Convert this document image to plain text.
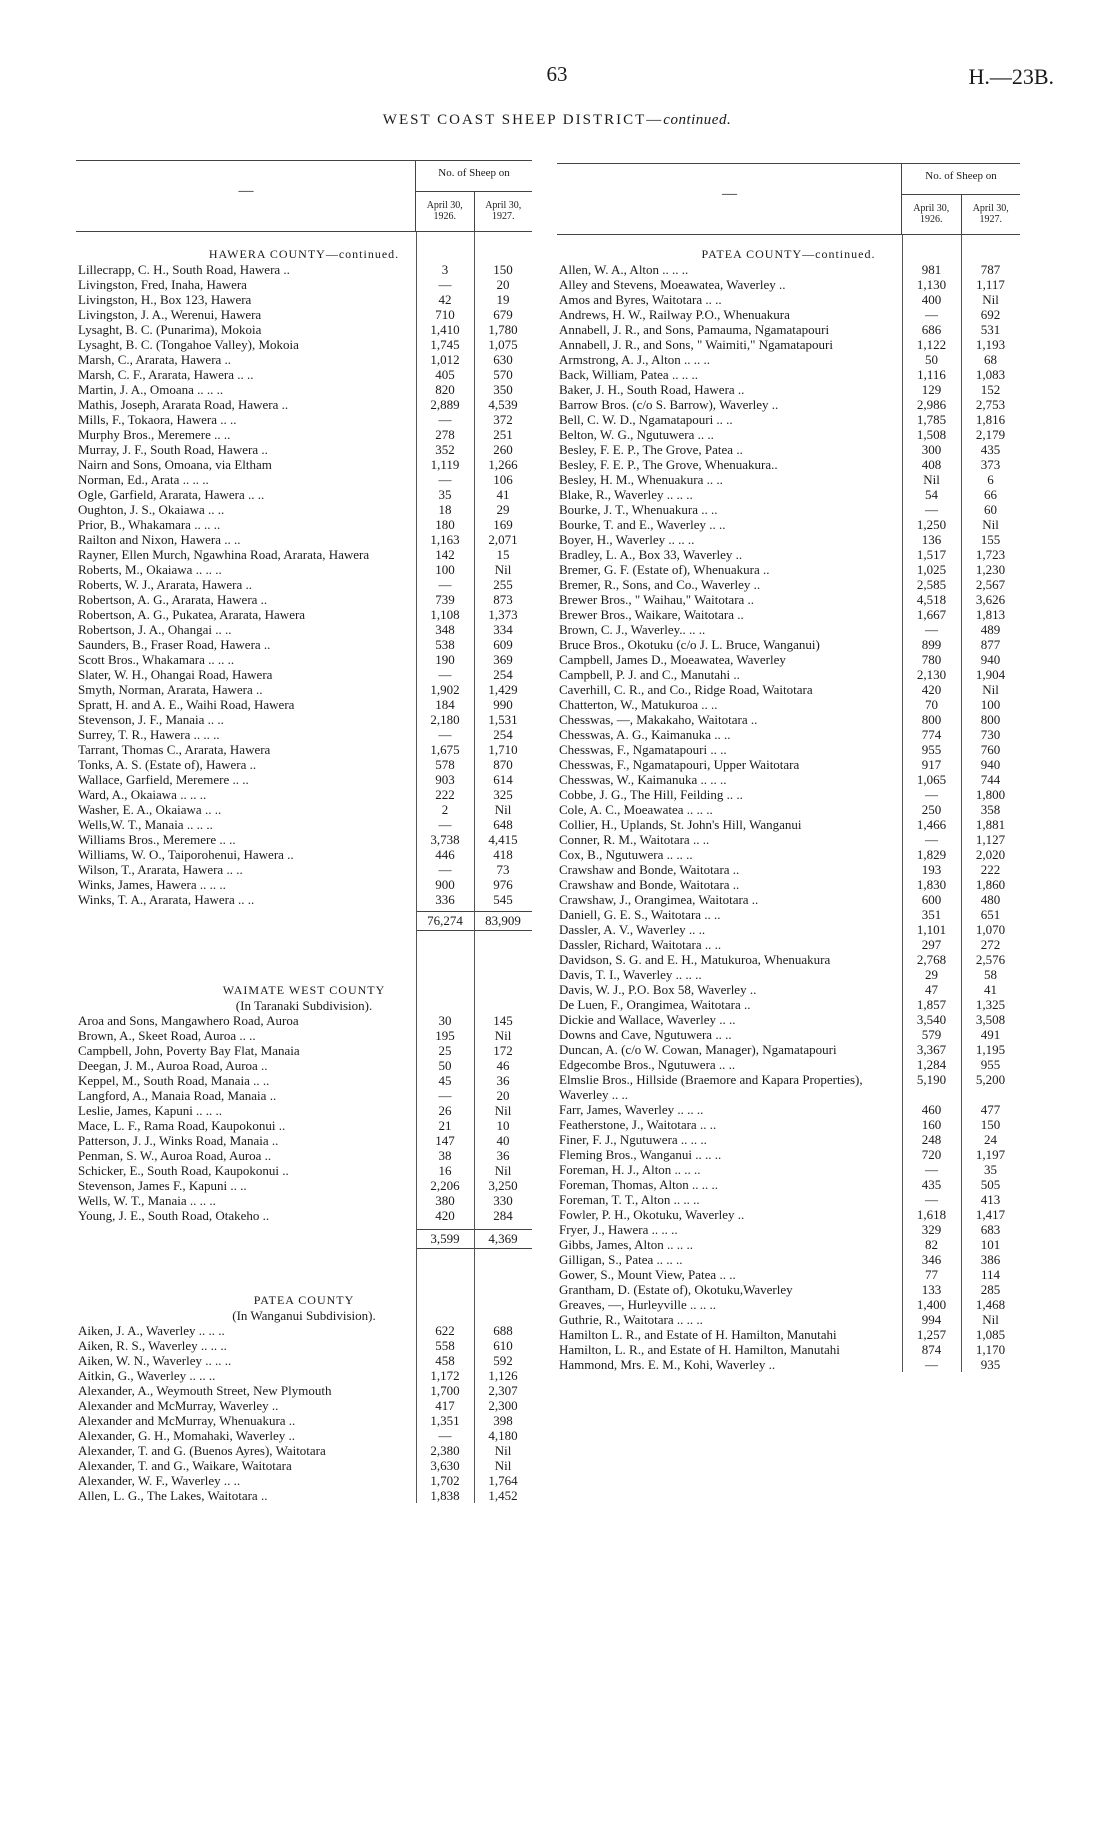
63	H.—23B.
WEST COAST SHEEP DISTRICT—continued.
—
No. of Sheep on
April 30, 1926.
April 30, 1927.
HAWERA COUNTY—continued.
Lillecrapp, C. H., South Road, Hawera ..	3	150
Livingston, Fred, Inaha, Hawera	—	20
Livingston, H., Box 123, Hawera	42	19
Livingston, J. A., Werenui, Hawera	710	679
Lysaght, B. C. (Punarima), Mokoia	1,410	1,780
Lysaght, B. C. (Tongahoe Valley), Mokoia	1,745	1,075
Marsh, C., Ararata, Hawera ..	1,012	630
Marsh, C. F., Ararata, Hawera .. ..	405	570
Martin, J. A., Omoana .. .. ..	820	350
Mathis, Joseph, Ararata Road, Hawera ..	2,889	4,539
Mills, F., Tokaora, Hawera .. ..	—	372
Murphy Bros., Meremere .. ..	278	251
Murray, J. F., South Road, Hawera ..	352	260
Nairn and Sons, Omoana, via Eltham	1,119	1,266
Norman, Ed., Arata .. .. ..	—	106
Ogle, Garfield, Ararata, Hawera .. ..	35	41
Oughton, J. S., Okaiawa .. ..	18	29
Prior, B., Whakamara .. .. ..	180	169
Railton and Nixon, Hawera .. ..	1,163	2,071
Rayner, Ellen Murch, Ngawhina Road, Ararata, Hawera	142	15
Roberts, M., Okaiawa .. .. ..	100	Nil
Roberts, W. J., Ararata, Hawera ..	—	255
Robertson, A. G., Ararata, Hawera ..	739	873
Robertson, A. G., Pukatea, Ararata, Hawera	1,108	1,373
Robertson, J. A., Ohangai .. ..	348	334
Saunders, B., Fraser Road, Hawera ..	538	609
Scott Bros., Whakamara .. .. ..	190	369
Slater, W. H., Ohangai Road, Hawera	—	254
Smyth, Norman, Ararata, Hawera ..	1,902	1,429
Spratt, H. and A. E., Waihi Road, Hawera	184	990
Stevenson, J. F., Manaia .. ..	2,180	1,531
Surrey, T. R., Hawera .. .. ..	—	254
Tarrant, Thomas C., Ararata, Hawera	1,675	1,710
Tonks, A. S. (Estate of), Hawera ..	578	870
Wallace, Garfield, Meremere .. ..	903	614
Ward, A., Okaiawa .. .. ..	222	325
Washer, E. A., Okaiawa .. ..	2	Nil
Wells,W. T., Manaia .. .. ..	—	648
Williams Bros., Meremere .. ..	3,738	4,415
Williams, W. O., Taiporohenui, Hawera ..	446	418
Wilson, T., Ararata, Hawera .. ..	—	73
Winks, James, Hawera .. .. ..	900	976
Winks, T. A., Ararata, Hawera .. ..	336	545
76,274	83,909
WAIMATE WEST COUNTY
(In Taranaki Subdivision).
Aroa and Sons, Mangawhero Road, Auroa	30	145
Brown, A., Skeet Road, Auroa .. ..	195	Nil
Campbell, John, Poverty Bay Flat, Manaia	25	172
Deegan, J. M., Auroa Road, Auroa ..	50	46
Keppel, M., South Road, Manaia .. ..	45	36
Langford, A., Manaia Road, Manaia ..	—	20
Leslie, James, Kapuni .. .. ..	26	Nil
Mace, L. F., Rama Road, Kaupokonui ..	21	10
Patterson, J. J., Winks Road, Manaia ..	147	40
Penman, S. W., Auroa Road, Auroa ..	38	36
Schicker, E., South Road, Kaupokonui ..	16	Nil
Stevenson, James F., Kapuni .. ..	2,206	3,250
Wells, W. T., Manaia .. .. ..	380	330
Young, J. E., South Road, Otakeho ..	420	284
3,599	4,369
PATEA COUNTY
(In Wanganui Subdivision).
Aiken, J. A., Waverley .. .. ..	622	688
Aiken, R. S., Waverley .. .. ..	558	610
Aiken, W. N., Waverley .. .. ..	458	592
Aitkin, G., Waverley .. .. ..	1,172	1,126
Alexander, A., Weymouth Street, New Plymouth	1,700	2,307
Alexander and McMurray, Waverley ..	417	2,300
Alexander and McMurray, Whenuakura ..	1,351	398
Alexander, G. H., Momahaki, Waverley ..	—	4,180
Alexander, T. and G. (Buenos Ayres), Waitotara	2,380	Nil
Alexander, T. and G., Waikare, Waitotara	3,630	Nil
Alexander, W. F., Waverley .. ..	1,702	1,764
Allen, L. G., The Lakes, Waitotara ..	1,838	1,452
—
No. of Sheep on
April 30, 1926.
April 30, 1927.
PATEA COUNTY—continued.
Allen, W. A., Alton .. .. ..	981	787
Alley and Stevens, Moeawatea, Waverley ..	1,130	1,117
Amos and Byres, Waitotara .. ..	400	Nil
Andrews, H. W., Railway P.O., Whenuakura	—	692
Annabell, J. R., and Sons, Pamauma, Ngamatapouri	686	531
Annabell, J. R., and Sons, " Waimiti," Ngamatapouri	1,122	1,193
Armstrong, A. J., Alton .. .. ..	50	68
Back, William, Patea .. .. ..	1,116	1,083
Baker, J. H., South Road, Hawera ..	129	152
Barrow Bros. (c/o S. Barrow), Waverley ..	2,986	2,753
Bell, C. W. D., Ngamatapouri .. ..	1,785	1,816
Belton, W. G., Ngutuwera .. ..	1,508	2,179
Besley, F. E. P., The Grove, Patea ..	300	435
Besley, F. E. P., The Grove, Whenuakura..	408	373
Besley, H. M., Whenuakura .. ..	Nil	6
Blake, R., Waverley .. .. ..	54	66
Bourke, J. T., Whenuakura .. ..	—	60
Bourke, T. and E., Waverley .. ..	1,250	Nil
Boyer, H., Waverley .. .. ..	136	155
Bradley, L. A., Box 33, Waverley ..	1,517	1,723
Bremer, G. F. (Estate of), Whenuakura ..	1,025	1,230
Bremer, R., Sons, and Co., Waverley ..	2,585	2,567
Brewer Bros., " Waihau," Waitotara ..	4,518	3,626
Brewer Bros., Waikare, Waitotara ..	1,667	1,813
Brown, C. J., Waverley.. .. ..	—	489
Bruce Bros., Okotuku (c/o J. L. Bruce, Wanganui)	899	877
Campbell, James D., Moeawatea, Waverley	780	940
Campbell, P. J. and C., Manutahi ..	2,130	1,904
Caverhill, C. R., and Co., Ridge Road, Waitotara	420	Nil
Chatterton, W., Matukuroa .. ..	70	100
Chesswas, —, Makakaho, Waitotara ..	800	800
Chesswas, A. G., Kaimanuka .. ..	774	730
Chesswas, F., Ngamatapouri .. ..	955	760
Chesswas, F., Ngamatapouri, Upper Waitotara	917	940
Chesswas, W., Kaimanuka .. .. ..	1,065	744
Cobbe, J. G., The Hill, Feilding .. ..	—	1,800
Cole, A. C., Moeawatea .. .. ..	250	358
Collier, H., Uplands, St. John's Hill, Wanganui	1,466	1,881
Conner, R. M., Waitotara .. ..	—	1,127
Cox, B., Ngutuwera .. .. ..	1,829	2,020
Crawshaw and Bonde, Waitotara ..	193	222
Crawshaw and Bonde, Waitotara ..	1,830	1,860
Crawshaw, J., Orangimea, Waitotara ..	600	480
Daniell, G. E. S., Waitotara .. ..	351	651
Dassler, A. V., Waverley .. ..	1,101	1,070
Dassler, Richard, Waitotara .. ..	297	272
Davidson, S. G. and E. H., Matukuroa, Whenuakura	2,768	2,576
Davis, T. I., Waverley .. .. ..	29	58
Davis, W. J., P.O. Box 58, Waverley ..	47	41
De Luen, F., Orangimea, Waitotara ..	1,857	1,325
Dickie and Wallace, Waverley .. ..	3,540	3,508
Downs and Cave, Ngutuwera .. ..	579	491
Duncan, A. (c/o W. Cowan, Manager), Ngamatapouri	3,367	1,195
Edgecombe Bros., Ngutuwera .. ..	1,284	955
Elmslie Bros., Hillside (Braemore and Kapara Properties), Waverley .. ..
5,190	5,200
Farr, James, Waverley .. .. ..	460	477
Featherstone, J., Waitotara .. ..	160	150
Finer, F. J., Ngutuwera .. .. ..	248	24
Fleming Bros., Wanganui .. .. ..	720	1,197
Foreman, H. J., Alton .. .. ..	—	35
Foreman, Thomas, Alton .. .. ..	435	505
Foreman, T. T., Alton .. .. ..	—	413
Fowler, P. H., Okotuku, Waverley ..	1,618	1,417
Fryer, J., Hawera .. .. ..	329	683
Gibbs, James, Alton .. .. ..	82	101
Gilligan, S., Patea .. .. ..	346	386
Gower, S., Mount View, Patea .. ..	77	114
Grantham, D. (Estate of), Okotuku,Waverley	133	285
Greaves, —, Hurleyville .. .. ..	1,400	1,468
Guthrie, R., Waitotara .. .. ..	994	Nil
Hamilton L. R., and Estate of H. Hamilton, Manutahi	1,257	1,085
Hamilton, L. R., and Estate of H. Hamilton, Manutahi	874	1,170
Hammond, Mrs. E. M., Kohi, Waverley ..	—	935
